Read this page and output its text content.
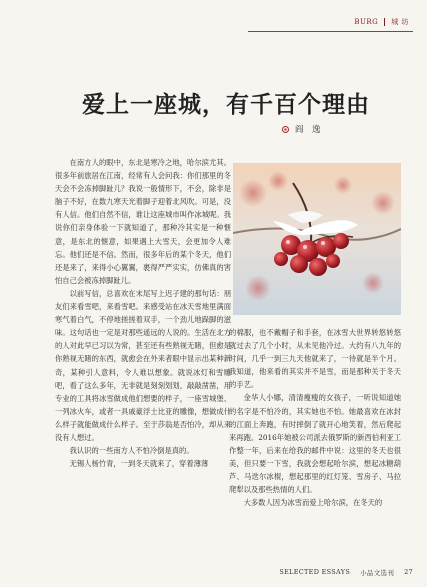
BURG 城 坊
爱上一座城，有千百个理由
阎　逸

在南方人的眼中，东北是寒冷之地，哈尔滨尤其。很多年前旅居在江南，经常有人会问我：你们那里的冬天会不会冻掉脚趾儿？我说一般情形下，不会，除非是脑子不好，在数九寒天光着脚子迎着北风吹。可是，没有人信。他们自然不信，谁让这座城市叫作冰城呢。我说你们亲身体验一下就知道了，那种冷其实是一种惬意，是东北的惬意，如果遇上大雪天，会更加令人难忘。他们还是不信。然而，很多年后的某个冬天，他们还是来了，来得小心翼翼，裹得严严实实，仿佛真的害怕自己会被冻掉脚趾儿。

以前写信，总喜欢在末尾写上迟子建的那句话：朋友们来看雪吧，来看雪吧。来感受站在冰天雪地里满面寒气着白气，不停地搓搓着双手，一个劲儿地跺脚的滋味。这句话也一定是对那些遥远的人说的。生活在北方的人对此早已习以为常，甚至还有些熟视无睹，但愈是你熟视无睹的东西，就愈会在外来者眼中显示出某种新奇，某种引人意料，令人难以想象。就说冰灯和雪雕吧，看了这么多年，无非就是刻刻划划，敲敲凿凿，用专业的工具将冰雪做成他们想要的样子，一座雪城堡、一列冰火车，或者一具戚豪浮士比亚的雕像，想做成什么样子就能做成什么样子。至于莎翁是否怕冷，却从来没有人想过。

我认识的一些南方人不怕冷倒是真的。

无锡人杨竹青，一到冬天就来了，穿着薄薄

的棉服，也不戴帽子和手套，在冰雪大世界转悠转悠就过去了几个小时，从未见他冷过。大约有八九年的时间，几乎一到三九天他就来了，一待就是半个月。我知道，他来看的其实并不是雪，而是那种关于冬天的手艺。

金华人小娜，清清瘦瘦的女孩子，一听说知道她的名字是不怕冷的，其实她也不怕。她最喜欢在冰封的江面上奔跑，有时摔倒了就开心地笑着，然后爬起来再跑。2016年她被公司派去俄罗斯的新西伯利亚工作整一年，后来在给我的邮件中说：这里的冬天也很美，但只要一下雪，我就会想起哈尔滨，想起冰糖葫芦、马迭尔冰棍，想起那里的红灯笼、雪房子、马拉爬犁以及那些热情的人们。

大多数人因为冰雪而爱上哈尔滨，在冬天的

SELECTED ESSAYS 小品文选刊 27
